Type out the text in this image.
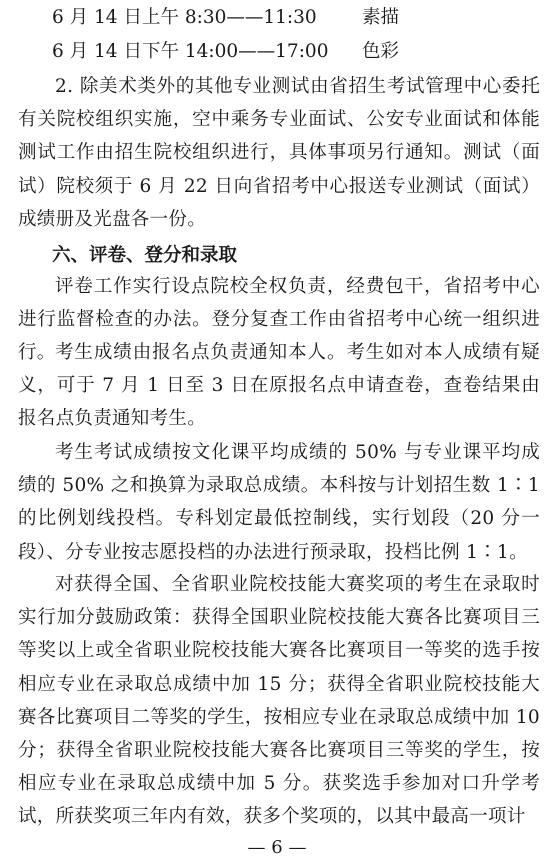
6 月 14 日上午 8:30——11:30 素描
6 月 14 日下午 14:00——17:00 色彩

2. 除美术类外的其他专业测试由省招生考试管理中心委托有关院校组织实施，空中乘务专业面试、公安专业面试和体能测试工作由招生院校组织进行，具体事项另行通知。测试（面试）院校须于 6 月 22 日向省招考中心报送专业测试（面试）成绩册及光盘各一份。

六、评卷、登分和录取

评卷工作实行设点院校全权负责，经费包干，省招考中心进行监督检查的办法。登分复查工作由省招考中心统一组织进行。 考生成绩由报名点负责通知本人。考生如对本人成绩有疑义，可于 7 月 1 日至 3 日在原报名点申请查卷，查卷结果由报名点负责通知考生。

考生考试成绩按文化课平均成绩的 50% 与专业课平均成绩的 50% 之和换算为录取总成绩。本科按与计划招生数 1∶1 的比例划线投档。专科划定最低控制线，实行划段（20 分一段）、分专业按志愿投档的办法进行预录取，投档比例 1∶1。

对获得全国、全省职业院校技能大赛奖项的考生在录取时实行加分鼓励政策：获得全国职业院校技能大赛各比赛项目三等奖以上或全省职业院校技能大赛各比赛项目一等奖的选手按相应专业在录取总成绩中加 15 分；获得全省职业院校技能大赛各比赛项目二等奖的学生，按相应专业在录取总成绩中加 10 分；获得全省职业院校技能大赛各比赛项目三等奖的学生，按相应专业在录取总成绩中加 5 分。获奖选手参加对口升学考试，所获奖项三年内有效，获多个奖项的，以其中最高一项计

— 6 —
